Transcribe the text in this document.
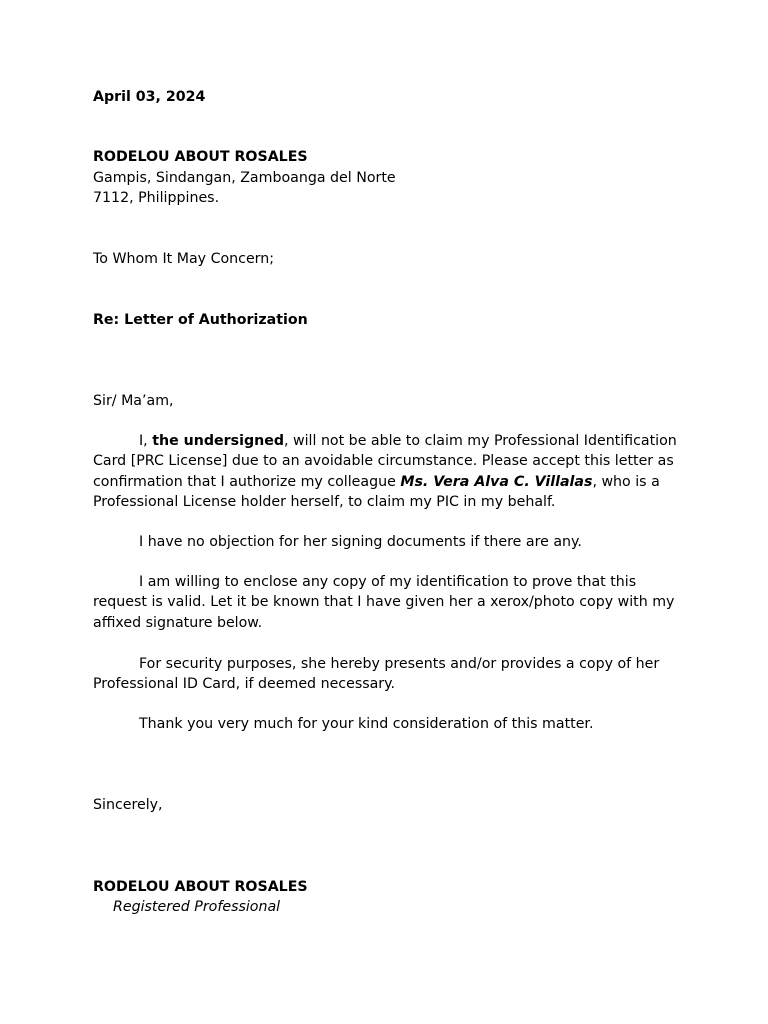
April 03, 2024

RODELOU ABOUT ROSALES

Gampis, Sindangan, Zamboanga del Norte

7112, Philippines.

To Whom It May Concern;

Re: Letter of Authorization

Sir/ Ma’am,

I, the undersigned, will not be able to claim my Professional Identification Card [PRC License] due to an avoidable circumstance. Please accept this letter as confirmation that I authorize my colleague Ms. Vera Alva C. Villalas, who is a Professional License holder herself, to claim my PIC in my behalf.

I have no objection for her signing documents if there are any.

I am willing to enclose any copy of my identification to prove that this request is valid. Let it be known that I have given her a xerox/photo copy with my affixed signature below.

For security purposes, she hereby presents and/or provides a copy of her Professional ID Card, if deemed necessary.

Thank you very much for your kind consideration of this matter.

Sincerely,

RODELOU ABOUT ROSALES

Registered Professional
